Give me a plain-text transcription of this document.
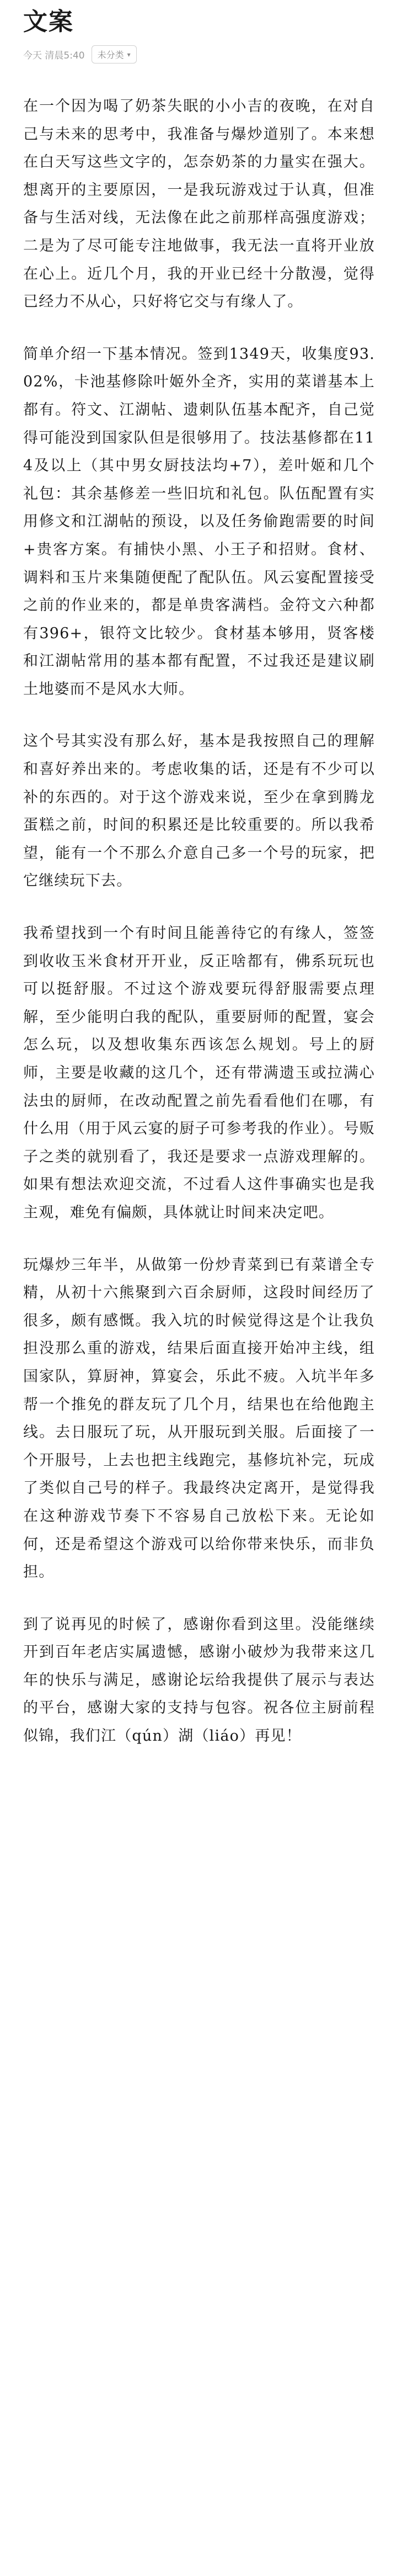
文案
今天 清晨5:40 未分类 ▾

在一个因为喝了奶茶失眠的小小吉的夜晚，在对自己与未来的思考中，我准备与爆炒道别了。本来想在白天写这些文字的，怎奈奶茶的力量实在强大。想离开的主要原因，一是我玩游戏过于认真，但准备与生活对线，无法像在此之前那样高强度游戏；二是为了尽可能专注地做事，我无法一直将开业放在心上。近几个月，我的开业已经十分散漫，觉得已经力不从心，只好将它交与有缘人了。

简单介绍一下基本情况。签到1349天，收集度93.02%，卡池基修除叶姬外全齐，实用的菜谱基本上都有。符文、江湖帖、遗刺队伍基本配齐，自己觉得可能没到国家队但是很够用了。技法基修都在114及以上（其中男女厨技法均+7），差叶姬和几个礼包：其余基修差一些旧坑和礼包。队伍配置有实用修文和江湖帖的预设，以及任务偷跑需要的时间+贵客方案。有捕快小黑、小王子和招财。食材、调料和玉片来集随便配了配队伍。风云宴配置接受之前的作业来的，都是单贵客满档。金符文六种都有396+，银符文比较少。食材基本够用，贤客楼和江湖帖常用的基本都有配置，不过我还是建议刷土地婆而不是风水大师。

这个号其实没有那么好，基本是我按照自己的理解和喜好养出来的。考虑收集的话，还是有不少可以补的东西的。对于这个游戏来说，至少在拿到腾龙蛋糕之前，时间的积累还是比较重要的。所以我希望，能有一个不那么介意自己多一个号的玩家，把它继续玩下去。

我希望找到一个有时间且能善待它的有缘人，签签到收收玉米食材开开业，反正啥都有，佛系玩玩也可以挺舒服。不过这个游戏要玩得舒服需要点理解，至少能明白我的配队，重要厨师的配置，宴会怎么玩，以及想收集东西该怎么规划。号上的厨师，主要是收藏的这几个，还有带满遗玉或拉满心法虫的厨师，在改动配置之前先看看他们在哪，有什么用（用于风云宴的厨子可参考我的作业）。号贩子之类的就别看了，我还是要求一点游戏理解的。如果有想法欢迎交流，不过看人这件事确实也是我主观，难免有偏颇，具体就让时间来决定吧。

玩爆炒三年半，从做第一份炒青菜到已有菜谱全专精，从初十六熊聚到六百余厨师，这段时间经历了很多，颇有感慨。我入坑的时候觉得这是个让我负担没那么重的游戏，结果后面直接开始冲主线，组国家队，算厨神，算宴会，乐此不疲。入坑半年多帮一个推免的群友玩了几个月，结果也在给他跑主线。去日服玩了玩，从开服玩到关服。后面接了一个开服号，上去也把主线跑完，基修坑补完，玩成了类似自己号的样子。我最终决定离开，是觉得我在这种游戏节奏下不容易自己放松下来。无论如何，还是希望这个游戏可以给你带来快乐，而非负担。

到了说再见的时候了，感谢你看到这里。没能继续开到百年老店实属遗憾，感谢小破炒为我带来这几年的快乐与满足，感谢论坛给我提供了展示与表达的平台，感谢大家的支持与包容。祝各位主厨前程似锦，我们江（qún）湖（liáo）再见！
